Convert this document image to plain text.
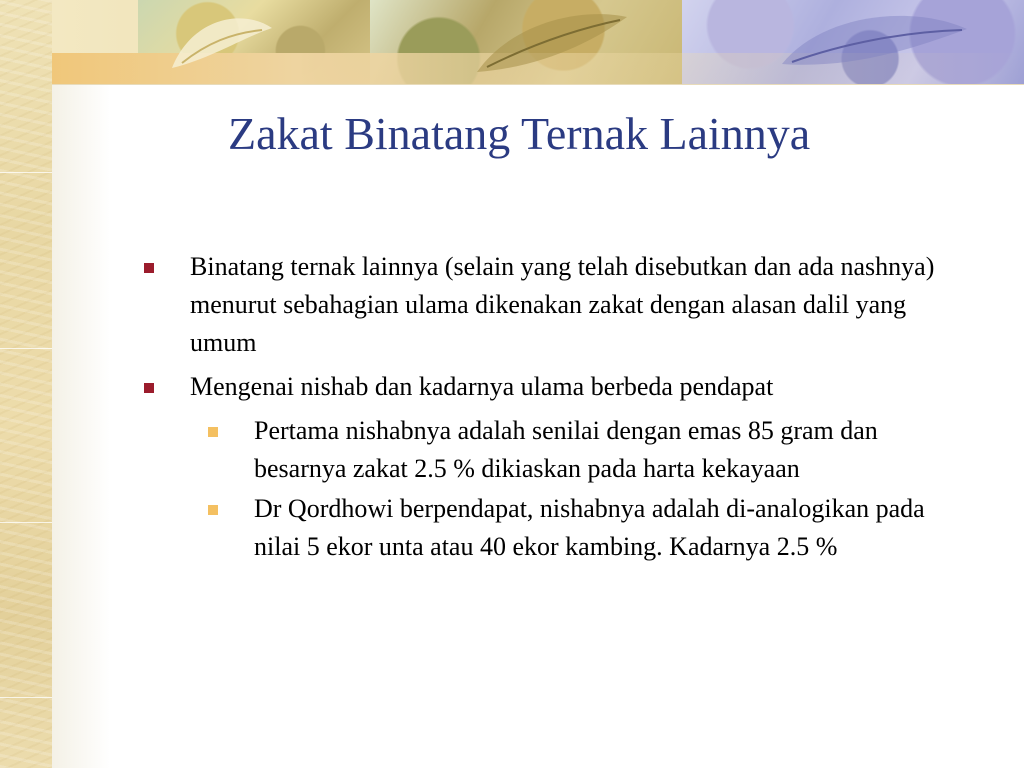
Zakat Binatang Ternak Lainnya
Binatang ternak lainnya (selain yang telah disebutkan dan ada nashnya) menurut sebahagian ulama dikenakan zakat dengan alasan dalil yang umum
Mengenai nishab dan kadarnya ulama berbeda pendapat
Pertama nishabnya adalah senilai dengan emas 85 gram dan besarnya zakat 2.5 % dikiaskan pada harta kekayaan
Dr Qordhowi berpendapat, nishabnya adalah di-analogikan pada nilai 5 ekor unta atau 40 ekor kambing. Kadarnya 2.5 %
